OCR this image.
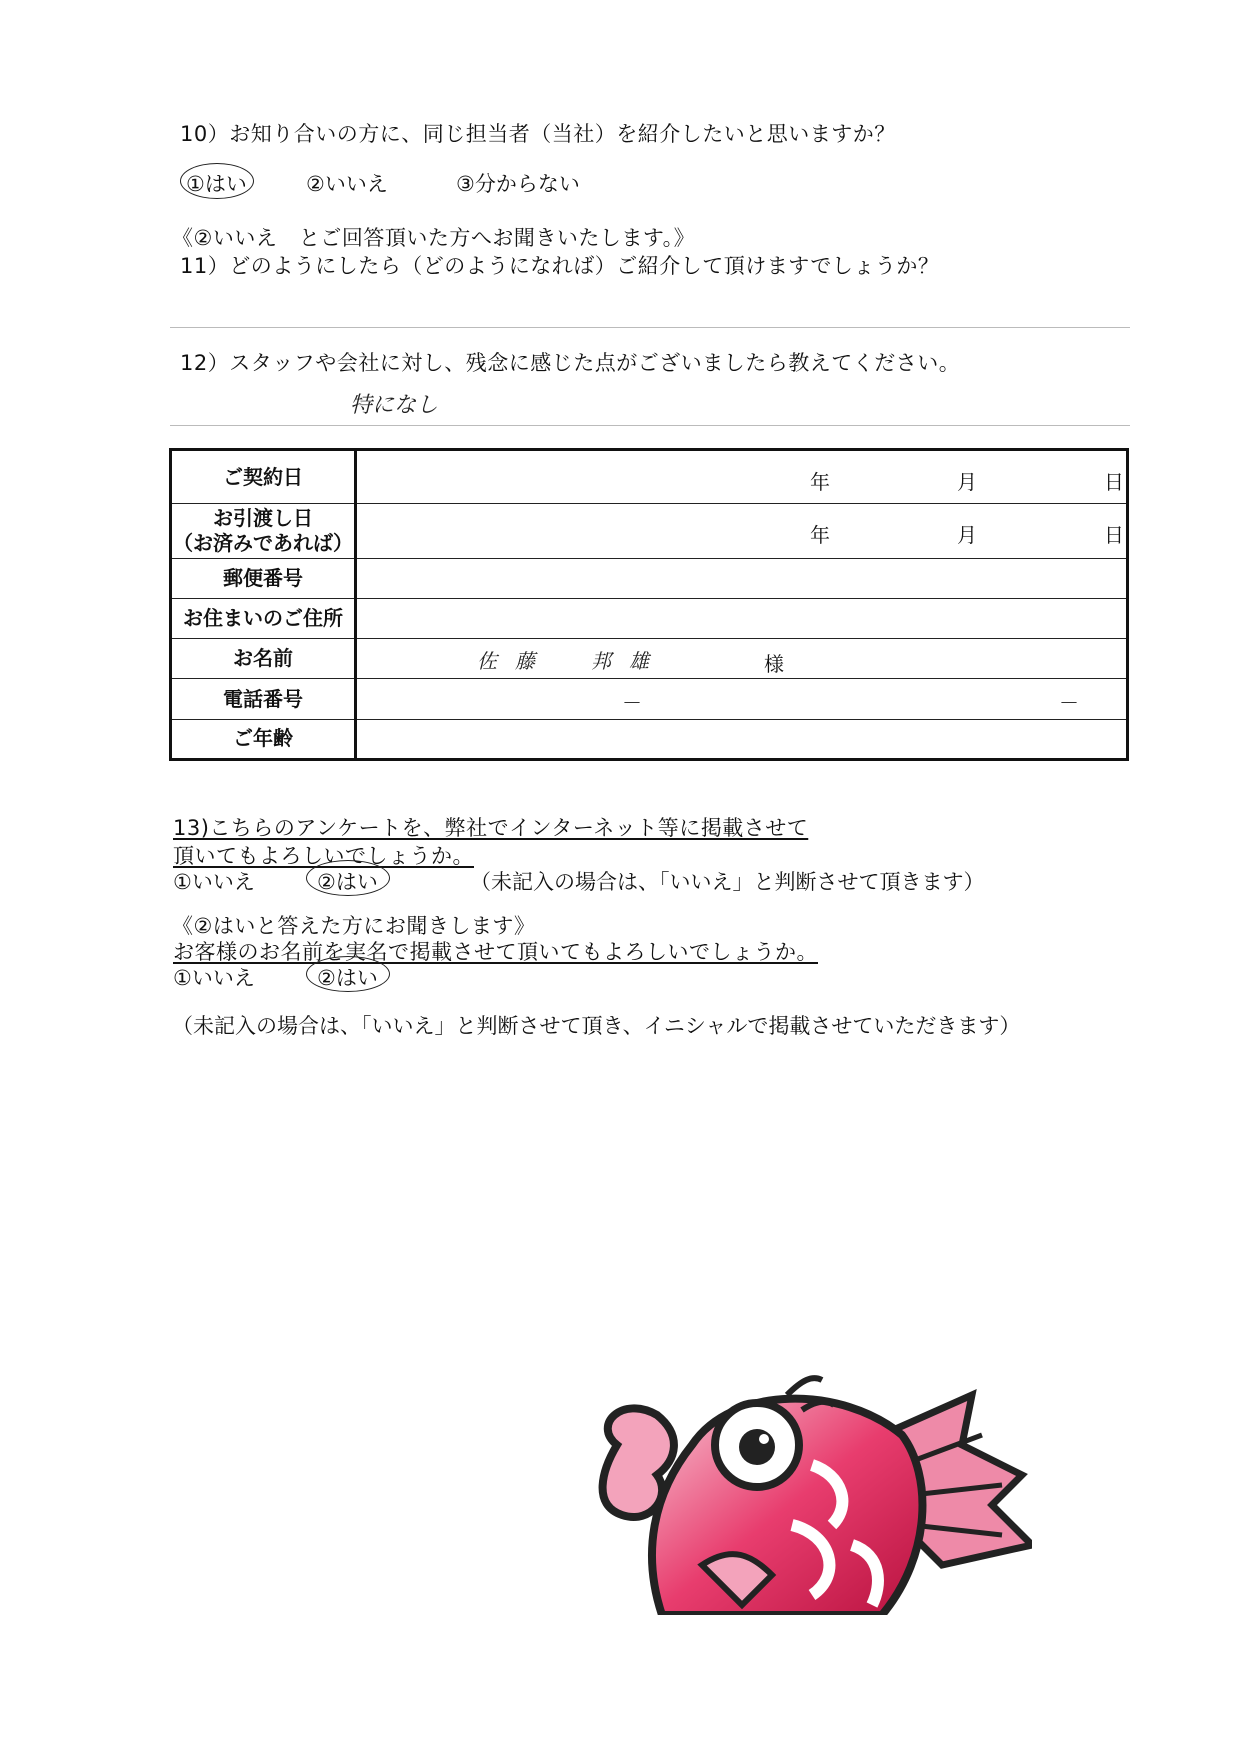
10）お知り合いの方に、同じ担当者（当社）を紹介したいと思いますか？
①はい	②いいえ	③分からない
《②いいえ　とご回答頂いた方へお聞きいたします。》
11）どのようにしたら（どのようになれば）ご紹介して頂けますでしょうか？
12）スタッフや会社に対し、残念に感じた点がございましたら教えてください。
特になし
ご契約日	年 月 日

お引渡し日
（お済みであれば）	年 月 日

郵便番号	
お住まいのご住所	
お名前	佐藤　邦雄 様

電話番号	－ －

ご年齢	
13)こちらのアンケートを、弊社でインターネット等に掲載させて
頂いてもよろしいでしょうか。
①いいえ	②はい	（未記入の場合は、「いいえ」と判断させて頂きます）
《②はいと答えた方にお聞きします》
お客様のお名前を実名で掲載させて頂いてもよろしいでしょうか。
①いいえ	②はい
（未記入の場合は、「いいえ」と判断させて頂き、イニシャルで掲載させていただきます）
